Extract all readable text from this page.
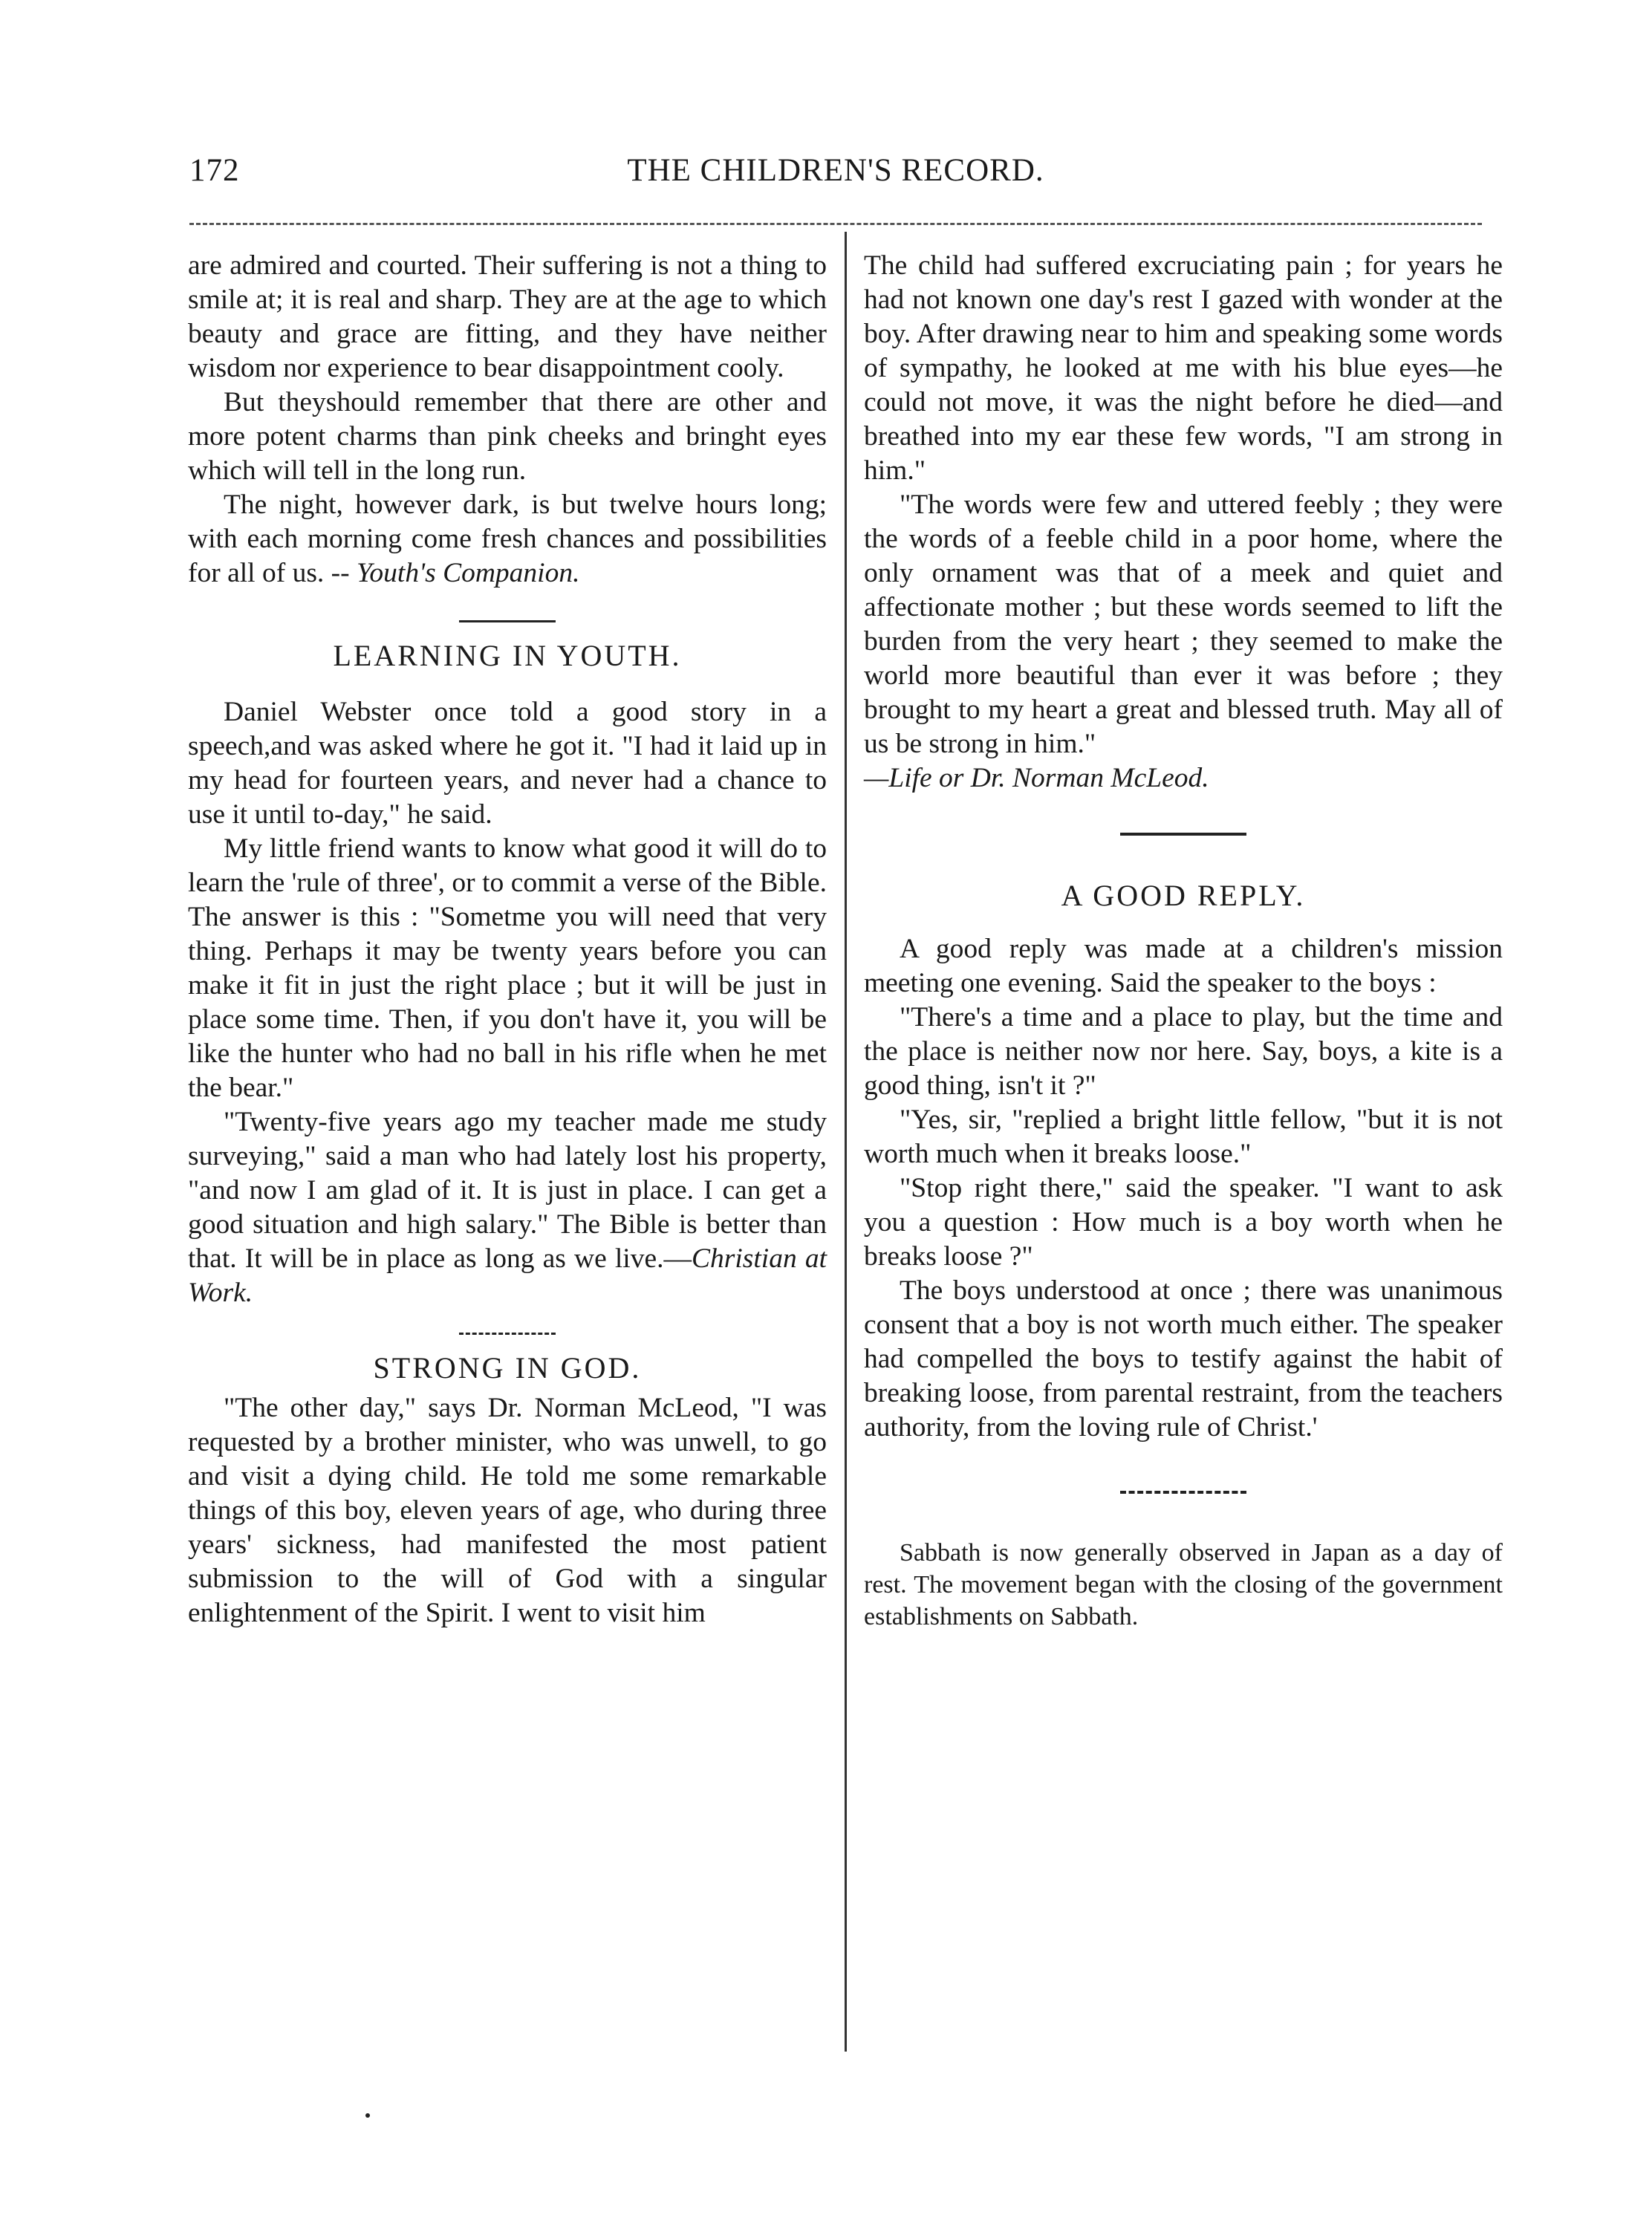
172	THE CHILDREN'S RECORD.

are admired and courted. Their suffering is not a thing to smile at; it is real and sharp. They are at the age to which beauty and grace are fitting, and they have neither wisdom nor experience to bear disappointment cooly.

But theyshould remember that there are other and more potent charms than pink cheeks and bringht eyes which will tell in the long run.

The night, however dark, is but twelve hours long; with each morning come fresh chances and possibilities for all of us. -- Youth's Companion.

LEARNING IN YOUTH.

Daniel Webster once told a good story in a speech,and was asked where he got it. "I had it laid up in my head for fourteen years, and never had a chance to use it until to-day," he said.

My little friend wants to know what good it will do to learn the 'rule of three', or to commit a verse of the Bible. The answer is this : "Sometme you will need that very thing. Perhaps it may be twenty years before you can make it fit in just the right place ; but it will be just in place some time. Then, if you don't have it, you will be like the hunter who had no ball in his rifle when he met the bear."

"Twenty-five years ago my teacher made me study surveying," said a man who had lately lost his property, "and now I am glad of it. It is just in place. I can get a good situation and high salary." The Bible is better than that. It will be in place as long as we live.—Christian at Work.

STRONG IN GOD.

"The other day," says Dr. Norman McLeod, "I was requested by a brother minister, who was unwell, to go and visit a dying child. He told me some remarkable things of this boy, eleven years of age, who during three years' sickness, had manifested the most patient submission to the will of God with a singular enlightenment of the Spirit. I went to visit him

The child had suffered excruciating pain ; for years he had not known one day's rest I gazed with wonder at the boy. After drawing near to him and speaking some words of sympathy, he looked at me with his blue eyes—he could not move, it was the night before he died—and breathed into my ear these few words, "I am strong in him."

"The words were few and uttered feebly ; they were the words of a feeble child in a poor home, where the only ornament was that of a meek and quiet and affectionate mother ; but these words seemed to lift the burden from the very heart ; they seemed to make the world more beautiful than ever it was before ; they brought to my heart a great and blessed truth. May all of us be strong in him."

—Life or Dr. Norman McLeod.

A GOOD REPLY.

A good reply was made at a children's mission meeting one evening. Said the speaker to the boys :

"There's a time and a place to play, but the time and the place is neither now nor here. Say, boys, a kite is a good thing, isn't it ?"

"Yes, sir, "replied a bright little fellow, "but it is not worth much when it breaks loose."

"Stop right there," said the speaker. "I want to ask you a question : How much is a boy worth when he breaks loose ?"

The boys understood at once ; there was unanimous consent that a boy is not worth much either. The speaker had compelled the boys to testify against the habit of breaking loose, from parental restraint, from the teachers authority, from the loving rule of Christ.'

Sabbath is now generally observed in Japan as a day of rest. The movement began with the closing of the government establishments on Sabbath.
